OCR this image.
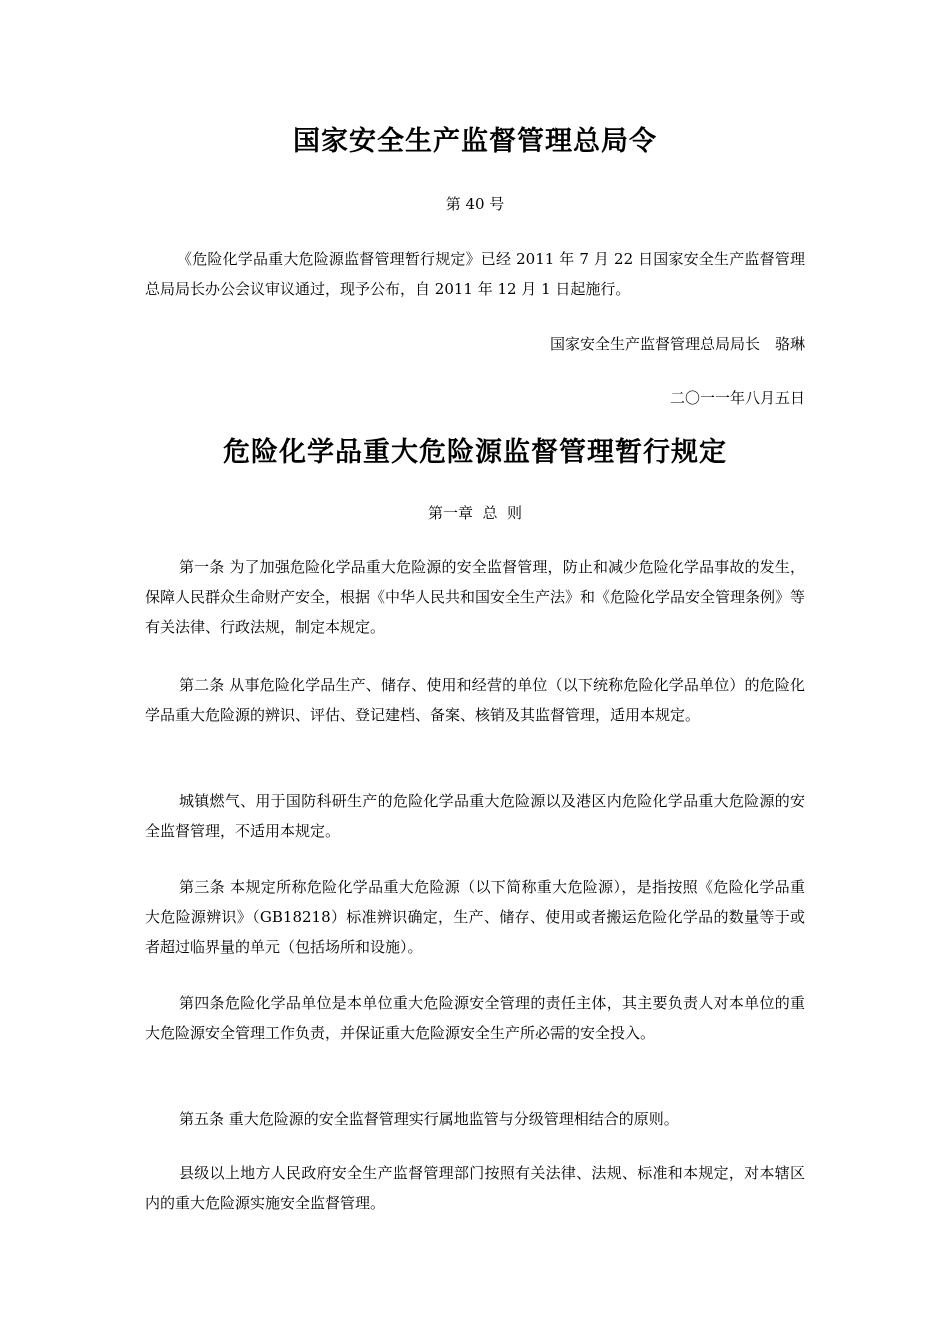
国家安全生产监督管理总局令
第 40 号

《危险化学品重大危险源监督管理暂行规定》已经 2011 年 7 月 22 日国家安全生产监督管理总局局长办公会议审议通过，现予公布，自 2011 年 12 月 1 日起施行。

国家安全生产监督管理总局局长　骆琳
二〇一一年八月五日
危险化学品重大危险源监督管理暂行规定
第一章  总  则

第一条 为了加强危险化学品重大危险源的安全监督管理，防止和减少危险化学品事故的发生，保障人民群众生命财产安全，根据《中华人民共和国安全生产法》和《危险化学品安全管理条例》等有关法律、行政法规，制定本规定。

第二条 从事危险化学品生产、储存、使用和经营的单位（以下统称危险化学品单位）的危险化学品重大危险源的辨识、评估、登记建档、备案、核销及其监督管理，适用本规定。

城镇燃气、用于国防科研生产的危险化学品重大危险源以及港区内危险化学品重大危险源的安全监督管理，不适用本规定。

第三条 本规定所称危险化学品重大危险源（以下简称重大危险源），是指按照《危险化学品重大危险源辨识》（GB18218）标准辨识确定，生产、储存、使用或者搬运危险化学品的数量等于或者超过临界量的单元（包括场所和设施）。

第四条危险化学品单位是本单位重大危险源安全管理的责任主体，其主要负责人对本单位的重大危险源安全管理工作负责，并保证重大危险源安全生产所必需的安全投入。

第五条 重大危险源的安全监督管理实行属地监管与分级管理相结合的原则。

县级以上地方人民政府安全生产监督管理部门按照有关法律、法规、标准和本规定，对本辖区内的重大危险源实施安全监督管理。
